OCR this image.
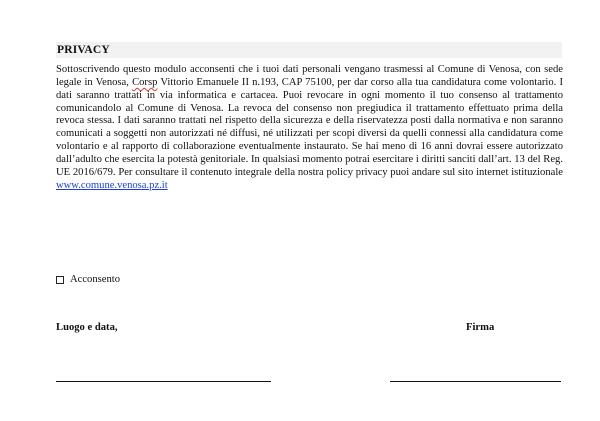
PRIVACY

Sottoscrivendo questo modulo acconsenti che i tuoi dati personali vengano trasmessi al Comune di Venosa, con sede legale in Venosa, Corsp Vittorio Emanuele II n.193, CAP 75100, per dar corso alla tua candidatura come volontario. I dati saranno trattati in via informatica e cartacea. Puoi revocare in ogni momento il tuo consenso al trattamento comunicandolo al Comune di Venosa. La revoca del consenso non pregiudica il trattamento effettuato prima della revoca stessa. I dati saranno trattati nel rispetto della sicurezza e della riservatezza posti dalla normativa e non saranno comunicati a soggetti non autorizzati né diffusi, né utilizzati per scopi diversi da quelli connessi alla candidatura come volontario e al rapporto di collaborazione eventualmente instaurato. Se hai meno di 16 anni dovrai essere autorizzato dall’adulto che esercita la potestà genitoriale. In qualsiasi momento potrai esercitare i diritti sanciti dall’art. 13 del Reg. UE 2016/679. Per consultare il contenuto integrale della nostra policy privacy puoi andare sul sito internet istituzionale www.comune.venosa.pz.it

Acconsento
Luogo e data,	Firma
